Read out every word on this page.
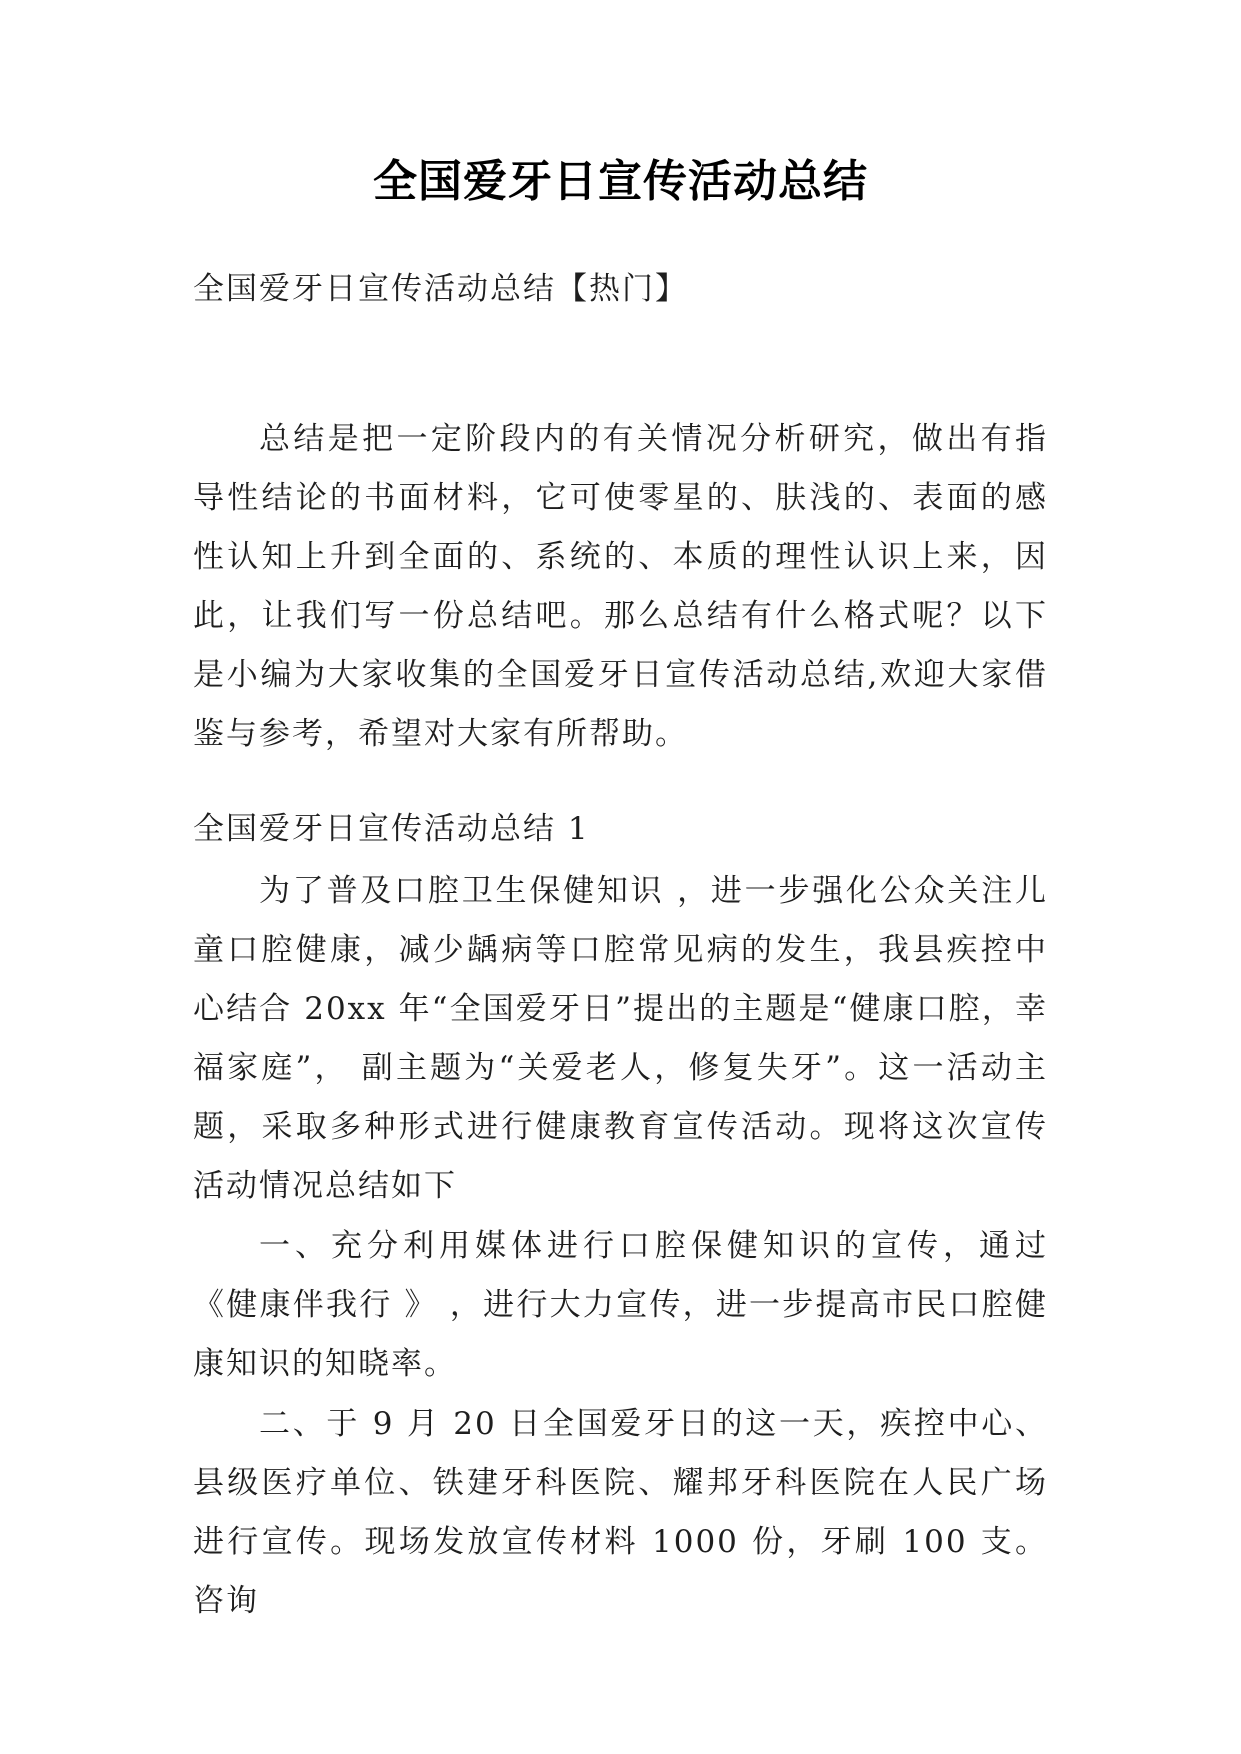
全国爱牙日宣传活动总结
全国爱牙日宣传活动总结【热门】
总结是把一定阶段内的有关情况分析研究，做出有指导性结论的书面材料，它可使零星的、肤浅的、表面的感性认知上升到全面的、系统的、本质的理性认识上来，因此，让我们写一份总结吧。那么总结有什么格式呢？以下是小编为大家收集的全国爱牙日宣传活动总结,欢迎大家借鉴与参考，希望对大家有所帮助。
全国爱牙日宣传活动总结 1
为了普及口腔卫生保健知识 ，进一步强化公众关注儿童口腔健康，减少龋病等口腔常见病的发生，我县疾控中心结合 20xx 年“全国爱牙日”提出的主题是“健康口腔，幸福家庭”， 副主题为“关爱老人，修复失牙”。这一活动主题，采取多种形式进行健康教育宣传活动。现将这次宣传活动情况总结如下
一、充分利用媒体进行口腔保健知识的宣传，通过《健康伴我行 》 ，进行大力宣传，进一步提高市民口腔健康知识的知晓率。
二、于 9 月 20 日全国爱牙日的这一天，疾控中心、县级医疗单位、铁建牙科医院、耀邦牙科医院在人民广场进行宣传。现场发放宣传材料 1000 份，牙刷 100 支。咨询
